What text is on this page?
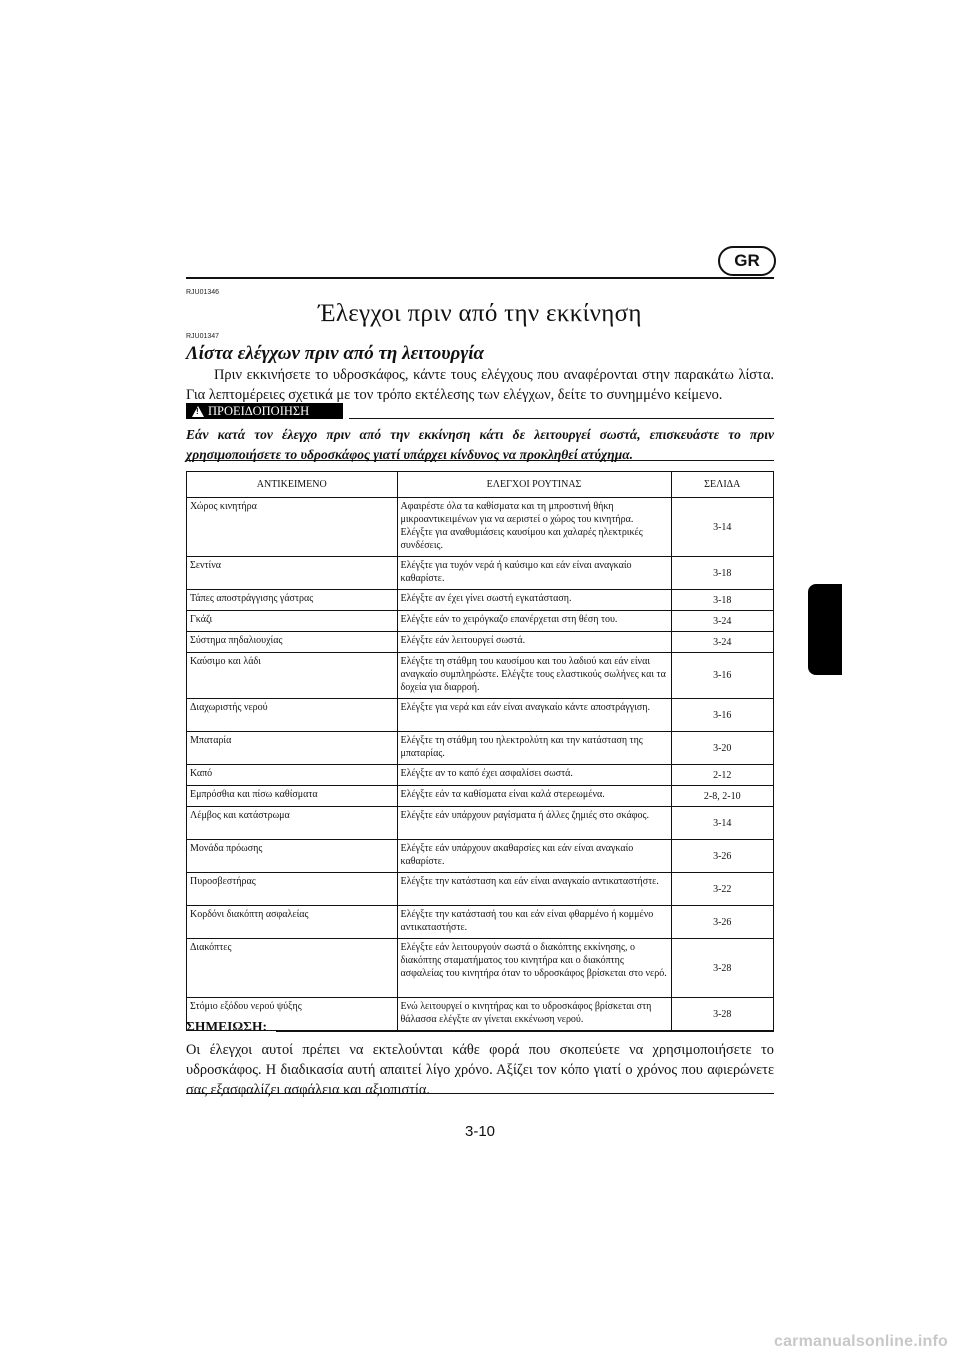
GR
RJU01346
Έλεγχοι πριν από την εκκίνηση
RJU01347
Λίστα ελέγχων πριν από τη λειτουργία

Πριν εκκινήσετε το υδροσκάφος, κάντε τους ελέγχους που αναφέρονται στην παρακάτω λίστα. Για λεπτομέρειες σχετικά με τον τρόπο εκτέλεσης των ελέγχων, δείτε το συνημμένο κείμενο.

!
ΠΡΟΕΙΔΟΠΟΙΗΣΗ

Εάν κατά τον έλεγχο πριν από την εκκίνηση κάτι δε λειτουργεί σωστά, επισκευάστε το πριν χρησιμοποιήσετε το υδροσκάφος γιατί υπάρχει κίνδυνος να προκληθεί ατύχημα.

ΑΝΤΙΚΕΙΜΕΝΟ	ΕΛΕΓΧΟΙ ΡΟΥΤΙΝΑΣ	ΣΕΛΙΔΑ
Χώρος κινητήρα	Αφαιρέστε όλα τα καθίσματα και τη μπροστινή θήκη μικροαντικειμένων για να αεριστεί ο χώρος του κινητήρα. Ελέγξτε για αναθυμιάσεις καυσίμου και χαλαρές ηλεκτρικές συνδέσεις.	3-14
Σεντίνα	Ελέγξτε για τυχόν νερά ή καύσιμο και εάν είναι αναγκαίο καθαρίστε.	3-18
Τάπες αποστράγγισης γάστρας	Ελέγξτε αν έχει γίνει σωστή εγκατάσταση.	3-18
Γκάζι	Ελέγξτε εάν το χειρόγκαζο επανέρχεται στη θέση του.	3-24
Σύστημα πηδαλιουχίας	Ελέγξτε εάν λειτουργεί σωστά.	3-24
Καύσιμο και λάδι	Ελέγξτε τη στάθμη του καυσίμου και του λαδιού και εάν είναι αναγκαίο συμπληρώστε. Ελέγξτε τους ελαστικούς σωλήνες και τα δοχεία για διαρροή.	3-16
Διαχωριστής νερού	Ελέγξτε για νερά και εάν είναι αναγκαίο κάντε αποστράγγιση.	3-16
Μπαταρία	Ελέγξτε τη στάθμη του ηλεκτρολύτη και την κατάσταση της μπαταρίας.	3-20
Καπό	Ελέγξτε αν το καπό έχει ασφαλίσει σωστά.	2-12
Εμπρόσθια και πίσω καθίσματα	Ελέγξτε εάν τα καθίσματα είναι καλά στερεωμένα.	2-8, 2-10
Λέμβος και κατάστρωμα	Ελέγξτε εάν υπάρχουν ραγίσματα ή άλλες ζημιές στο σκάφος.	3-14
Μονάδα πρόωσης	Ελέγξτε εάν υπάρχουν ακαθαρσίες και εάν είναι αναγκαίο καθαρίστε.	3-26
Πυροσβεστήρας	Ελέγξτε την κατάσταση και εάν είναι αναγκαίο αντικαταστήστε.	3-22
Κορδόνι διακόπτη ασφαλείας	Ελέγξτε την κατάστασή του και εάν είναι φθαρμένο ή κομμένο αντικαταστήστε.	3-26
Διακόπτες	Ελέγξτε εάν λειτουργούν σωστά ο διακόπτης εκκίνησης, ο διακόπτης σταματήματος του κινητήρα και ο διακόπτης ασφαλείας του κινητήρα όταν το υδροσκάφος βρίσκεται στο νερό.	3-28
Στόμιο εξόδου νερού ψύξης	Ενώ λειτουργεί ο κινητήρας και το υδροσκάφος βρίσκεται στη θάλασσα ελέγξτε αν γίνεται εκκένωση νερού.	3-28
ΣΗΜΕΙΩΣΗ:

Οι έλεγχοι αυτοί πρέπει να εκτελούνται κάθε φορά που σκοπεύετε να χρησιμοποιήσετε το υδροσκάφος. Η διαδικασία αυτή απαιτεί λίγο χρόνο. Αξίζει τον κόπο γιατί ο χρόνος που αφιερώνετε σας εξασφαλίζει ασφάλεια και αξιοπιστία.

3-10
carmanualsonline.info
